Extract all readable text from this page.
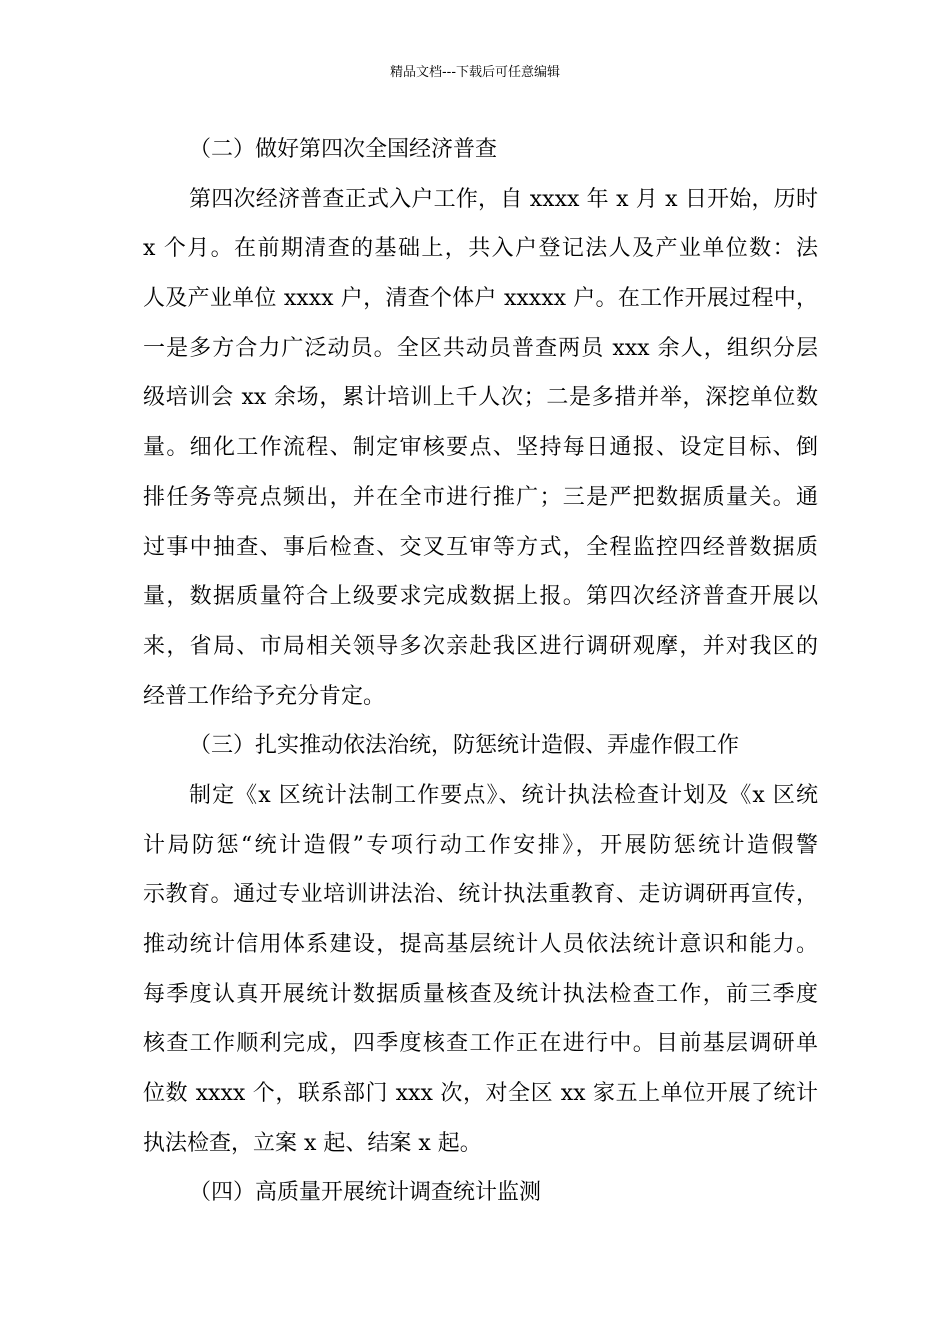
精品文档---下载后可任意编辑
（二）做好第四次全国经济普查
第四次经济普查正式入户工作，自 xxxx 年 x 月 x 日开始，历时
x 个月。在前期清查的基础上，共入户登记法人及产业单位数：法
人及产业单位 xxxx 户，清查个体户 xxxxx 户。在工作开展过程中，
一是多方合力广泛动员。全区共动员普查两员 xxx 余人，组织分层
级培训会 xx 余场，累计培训上千人次；二是多措并举，深挖单位数
量。细化工作流程、制定审核要点、坚持每日通报、设定目标、倒
排任务等亮点频出，并在全市进行推广；三是严把数据质量关。通
过事中抽查、事后检查、交叉互审等方式，全程监控四经普数据质
量，数据质量符合上级要求完成数据上报。第四次经济普查开展以
来，省局、市局相关领导多次亲赴我区进行调研观摩，并对我区的
经普工作给予充分肯定。
（三）扎实推动依法治统，防惩统计造假、弄虚作假工作
制定《x 区统计法制工作要点》、统计执法检查计划及《x 区统
计局防惩“统计造假”专项行动工作安排》，开展防惩统计造假警
示教育。通过专业培训讲法治、统计执法重教育、走访调研再宣传，
推动统计信用体系建设，提高基层统计人员依法统计意识和能力。
每季度认真开展统计数据质量核查及统计执法检查工作，前三季度
核查工作顺利完成，四季度核查工作正在进行中。目前基层调研单
位数 xxxx 个，联系部门 xxx 次，对全区 xx 家五上单位开展了统计
执法检查，立案 x 起、结案 x 起。
（四）高质量开展统计调查统计监测
